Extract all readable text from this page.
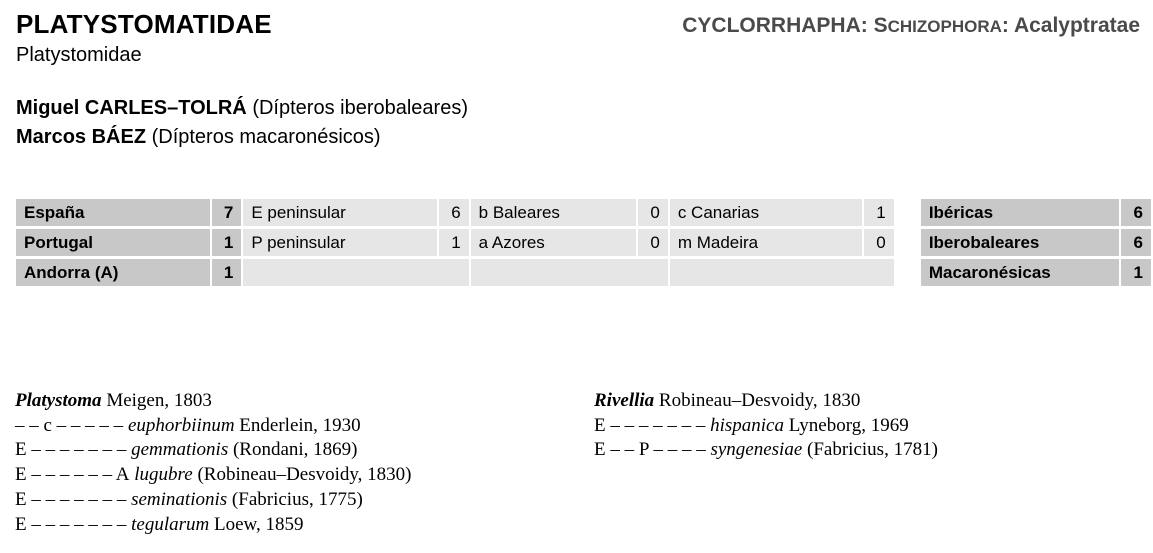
PLATYSTOMATIDAE
Platystomidae
CYCLORRHAPHA: SCHIZOPHORA: Acalyptratae
Miguel CARLES–TOLRÁ (Dípteros iberobaleares)
Marcos BÁEZ (Dípteros macaronésicos)
España	7	E peninsular	6	b Baleares	0	c Canarias	1		Ibéricas	6
Portugal	1	P peninsular	1	a Azores	0	m Madeira	0		Iberobaleares	6
Andorra (A)	1								Macaronésicas	1
Platystoma Meigen, 1803
– – c – – – – – euphorbiinum Enderlein, 1930
E – – – – – – – gemmationis (Rondani, 1869)
E – – – – – – A lugubre (Robineau–Desvoidy, 1830)
E – – – – – – – seminationis (Fabricius, 1775)
E – – – – – – – tegularum Loew, 1859
Rivellia Robineau–Desvoidy, 1830
E – – – – – – – hispanica Lyneborg, 1969
E – – P – – – – syngenesiae (Fabricius, 1781)
